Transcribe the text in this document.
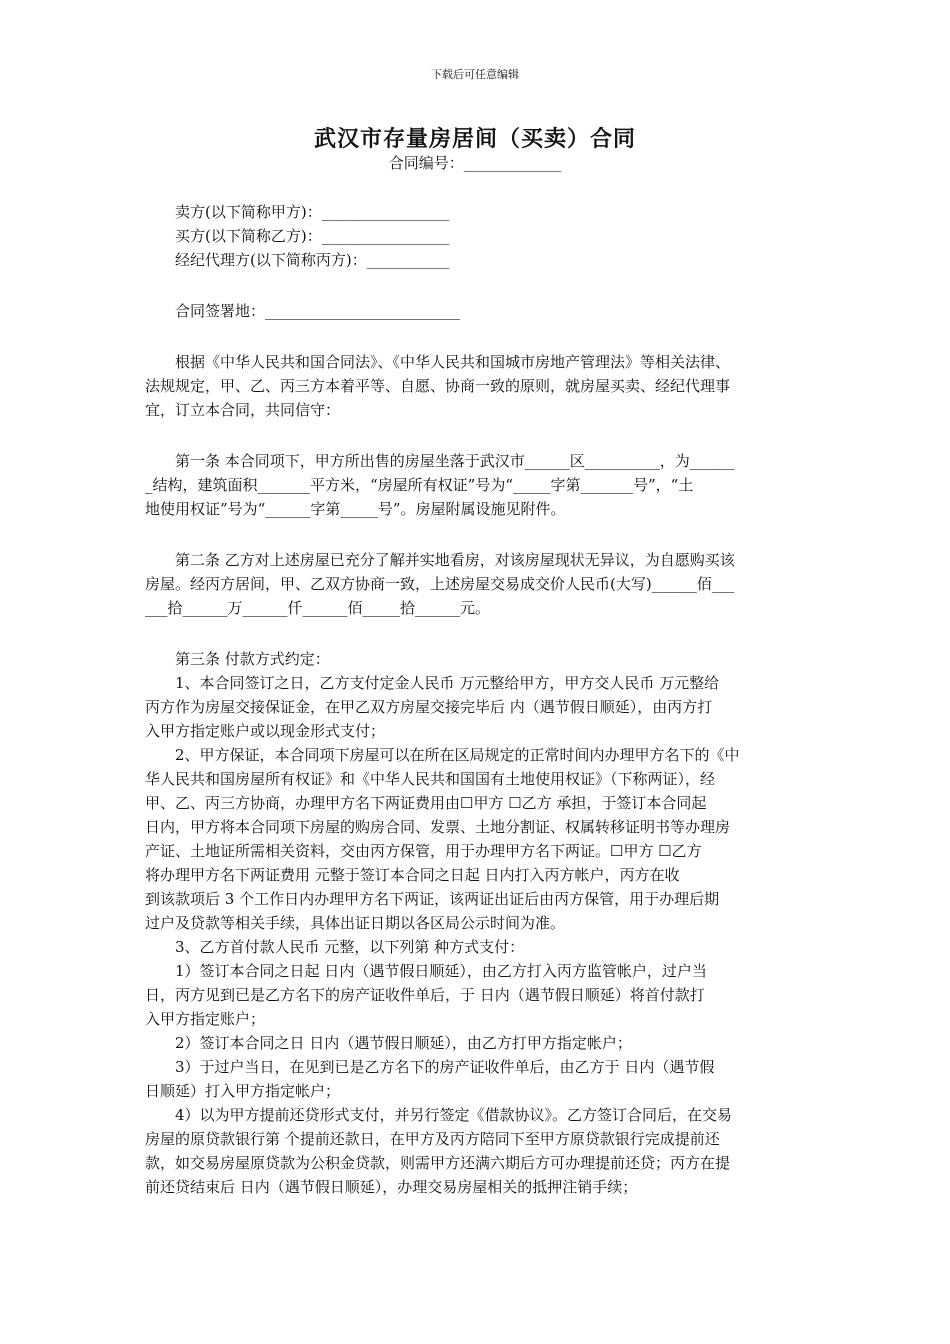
下载后可任意编辑
武汉市存量房居间（买卖）合同
合同编号：_____________
卖方(以下简称甲方)：_________________
买方(以下简称乙方)：_________________
经纪代理方(以下简称丙方)：___________
合同签署地：__________________________
根据《中华人民共和国合同法》、《中华人民共和国城市房地产管理法》等相关法律、
法规规定，甲、乙、丙三方本着平等、自愿、协商一致的原则，就房屋买卖、经纪代理事
宜，订立本合同，共同信守：
第一条 本合同项下，甲方所出售的房屋坐落于武汉市______区__________，为______
_结构，建筑面积_______平方米，“房屋所有权证”号为“_____字第_______号”，“土
地使用权证”号为“______字第_____号”。房屋附属设施见附件。
第二条 乙方对上述房屋已充分了解并实地看房，对该房屋现状无异议，为自愿购买该
房屋。经丙方居间，甲、乙双方协商一致，上述房屋交易成交价人民币(大写)______佰___
___拾______万______仟______佰_____拾______元。
第三条 付款方式约定：
1、本合同签订之日，乙方支付定金人民币 万元整给甲方，甲方交人民币 万元整给
丙方作为房屋交接保证金，在甲乙双方房屋交接完毕后 内（遇节假日顺延），由丙方打
入甲方指定账户或以现金形式支付；
2、甲方保证，本合同项下房屋可以在所在区局规定的正常时间内办理甲方名下的《中
华人民共和国房屋所有权证》和《中华人民共和国国有土地使用权证》（下称两证），经
甲、乙、丙三方协商，办理甲方名下两证费用由☐甲方 ☐乙方 承担，于签订本合同起
日内，甲方将本合同项下房屋的购房合同、发票、土地分割证、权属转移证明书等办理房
产证、土地证所需相关资料，交由丙方保管，用于办理甲方名下两证。☐甲方 ☐乙方
将办理甲方名下两证费用 元整于签订本合同之日起 日内打入丙方帐户，丙方在收
到该款项后 3 个工作日内办理甲方名下两证，该两证出证后由丙方保管，用于办理后期
过户及贷款等相关手续，具体出证日期以各区局公示时间为准。
3、乙方首付款人民币 元整，以下列第 种方式支付：
1）签订本合同之日起 日内（遇节假日顺延），由乙方打入丙方监管帐户，过户当
日，丙方见到已是乙方名下的房产证收件单后，于 日内（遇节假日顺延）将首付款打
入甲方指定账户；
2）签订本合同之日 日内（遇节假日顺延），由乙方打甲方指定帐户；
3）于过户当日，在见到已是乙方名下的房产证收件单后，由乙方于 日内（遇节假
日顺延）打入甲方指定帐户；
4）以为甲方提前还贷形式支付，并另行签定《借款协议》。乙方签订合同后，在交易
房屋的原贷款银行第 个提前还款日，在甲方及丙方陪同下至甲方原贷款银行完成提前还
款，如交易房屋原贷款为公积金贷款，则需甲方还满六期后方可办理提前还贷；丙方在提
前还贷结束后 日内（遇节假日顺延），办理交易房屋相关的抵押注销手续；
